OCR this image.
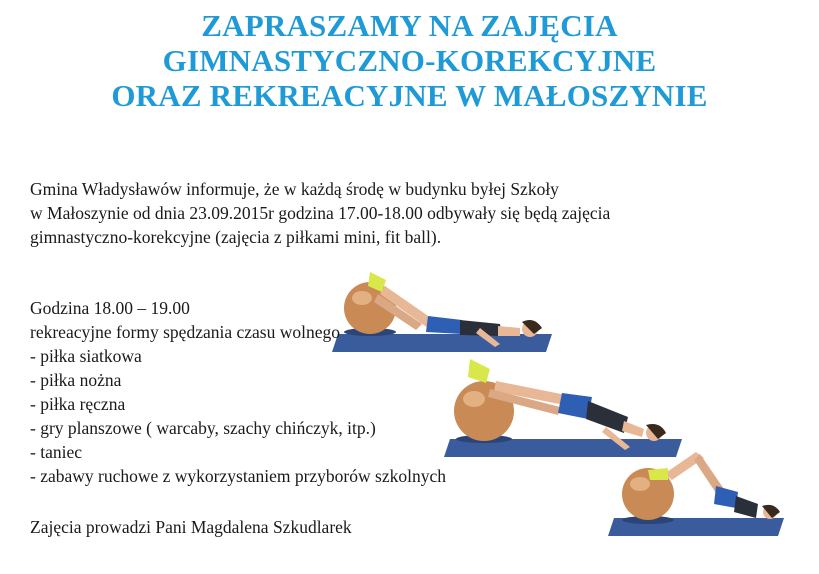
ZAPRASZAMY NA ZAJĘCIA
GIMNASTYCZNO-KOREKCYJNE
ORAZ REKREACYJNE W MAŁOSZYNIE
Gmina Władysławów informuje, że w każdą środę w budynku byłej Szkoły
w Małoszynie od dnia 23.09.2015r godzina 17.00-18.00 odbywały się będą zajęcia
gimnastyczno-korekcyjne (zajęcia z piłkami mini, fit ball).
Godzina 18.00 – 19.00
rekreacyjne formy spędzania czasu wolnego
- piłka siatkowa
- piłka nożna
- piłka ręczna
- gry planszowe ( warcaby, szachy chińczyk, itp.)
- taniec
- zabawy ruchowe z wykorzystaniem przyborów szkolnych
Zajęcia prowadzi Pani Magdalena Szkudlarek
